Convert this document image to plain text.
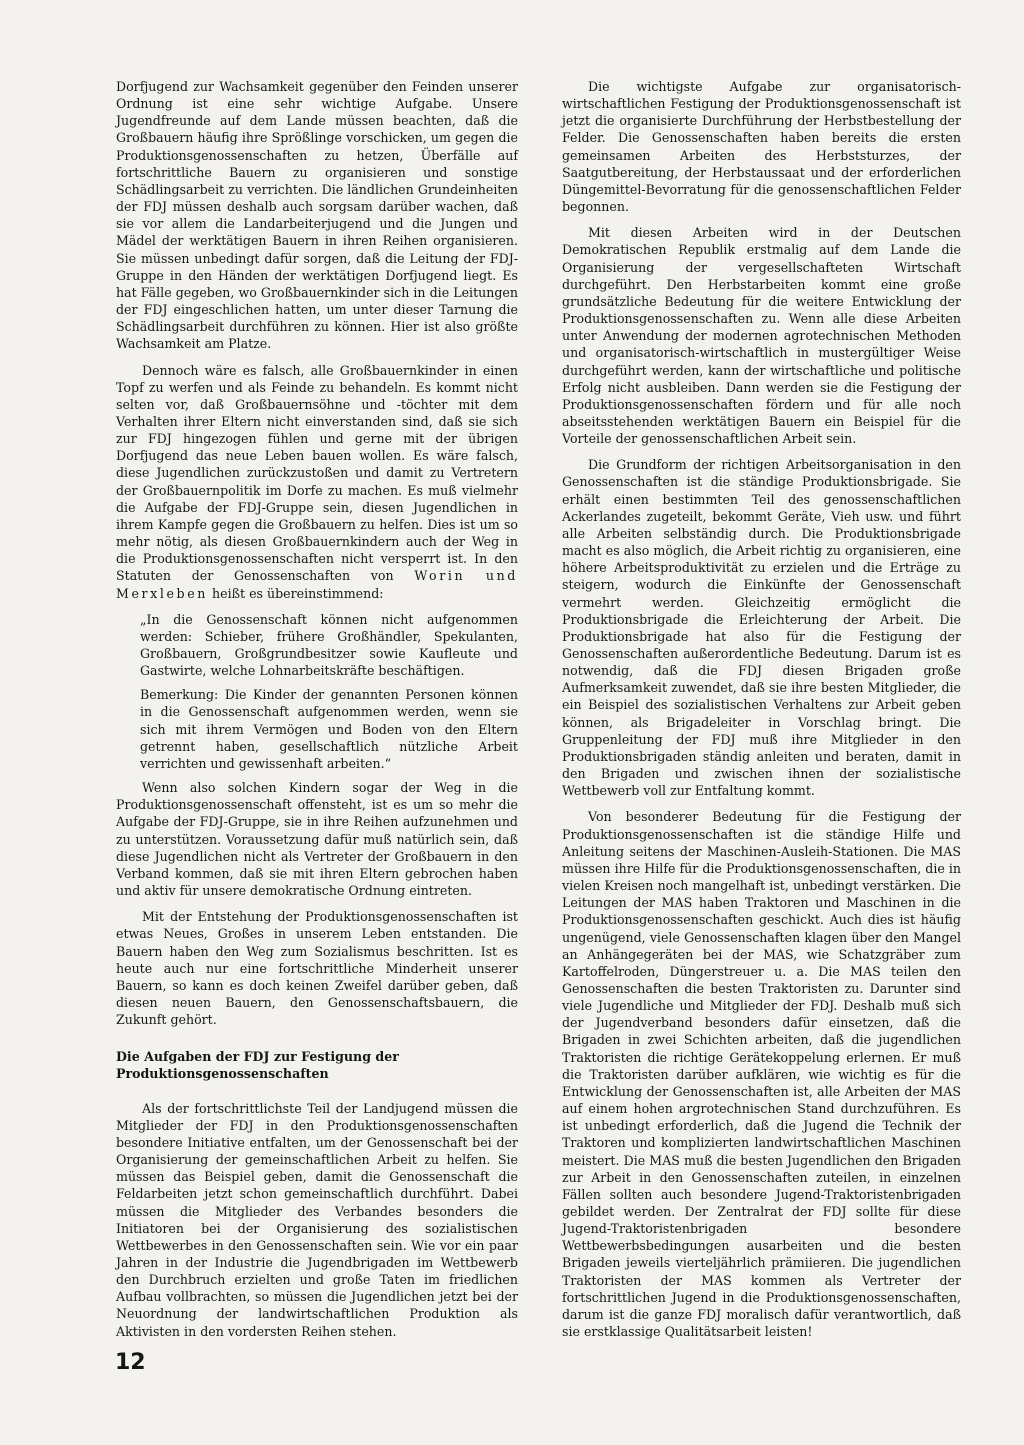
Dorfjugend zur Wachsamkeit gegenüber den Feinden unserer Ordnung ist eine sehr wichtige Aufgabe. Unsere Jugendfreunde auf dem Lande müssen beachten, daß die Großbauern häufig ihre Sprößlinge vorschicken, um gegen die Produktionsgenossenschaften zu hetzen, Überfälle auf fortschrittliche Bauern zu organisieren und sonstige Schädlingsarbeit zu verrichten. Die ländlichen Grundeinheiten der FDJ müssen deshalb auch sorgsam darüber wachen, daß sie vor allem die Landarbeiterjugend und die Jungen und Mädel der werktätigen Bauern in ihren Reihen organisieren. Sie müssen unbedingt dafür sorgen, daß die Leitung der FDJ-Gruppe in den Händen der werktätigen Dorfjugend liegt. Es hat Fälle gegeben, wo Großbauernkinder sich in die Leitungen der FDJ eingeschlichen hatten, um unter dieser Tarnung die Schädlingsarbeit durchführen zu können. Hier ist also größte Wachsamkeit am Platze.

Dennoch wäre es falsch, alle Großbauernkinder in einen Topf zu werfen und als Feinde zu behandeln. Es kommt nicht selten vor, daß Großbauernsöhne und -töchter mit dem Verhalten ihrer Eltern nicht einverstanden sind, daß sie sich zur FDJ hingezogen fühlen und gerne mit der übrigen Dorfjugend das neue Leben bauen wollen. Es wäre falsch, diese Jugendlichen zurückzustoßen und damit zu Vertretern der Großbauernpolitik im Dorfe zu machen. Es muß vielmehr die Aufgabe der FDJ-Gruppe sein, diesen Jugendlichen in ihrem Kampfe gegen die Großbauern zu helfen. Dies ist um so mehr nötig, als diesen Großbauernkindern auch der Weg in die Produktionsgenossenschaften nicht versperrt ist. In den Statuten der Genossenschaften von Worin und Merxleben heißt es übereinstimmend:

„In die Genossenschaft können nicht aufgenommen werden: Schieber, frühere Großhändler, Spekulanten, Großbauern, Großgrundbesitzer sowie Kaufleute und Gastwirte, welche Lohnarbeitskräfte beschäftigen.

Bemerkung: Die Kinder der genannten Personen können in die Genossenschaft aufgenommen werden, wenn sie sich mit ihrem Vermögen und Boden von den Eltern getrennt haben, gesellschaftlich nützliche Arbeit verrichten und gewissenhaft arbeiten.“

Wenn also solchen Kindern sogar der Weg in die Produktionsgenossenschaft offensteht, ist es um so mehr die Aufgabe der FDJ-Gruppe, sie in ihre Reihen aufzunehmen und zu unterstützen. Voraussetzung dafür muß natürlich sein, daß diese Jugendlichen nicht als Vertreter der Großbauern in den Verband kommen, daß sie mit ihren Eltern gebrochen haben und aktiv für unsere demokratische Ordnung eintreten.

Mit der Entstehung der Produktionsgenossenschaften ist etwas Neues, Großes in unserem Leben entstanden. Die Bauern haben den Weg zum Sozialismus beschritten. Ist es heute auch nur eine fortschrittliche Minderheit unserer Bauern, so kann es doch keinen Zweifel darüber geben, daß diesen neuen Bauern, den Genossenschaftsbauern, die Zukunft gehört.

Die Aufgaben der FDJ zur Festigung der Produktionsgenossenschaften

Als der fortschrittlichste Teil der Landjugend müssen die Mitglieder der FDJ in den Produktionsgenossenschaften besondere Initiative entfalten, um der Genossenschaft bei der Organisierung der gemeinschaftlichen Arbeit zu helfen. Sie müssen das Beispiel geben, damit die Genossenschaft die Feldarbeiten jetzt schon gemeinschaftlich durchführt. Dabei müssen die Mitglieder des Verbandes besonders die Initiatoren bei der Organisierung des sozialistischen Wettbewerbes in den Genossenschaften sein. Wie vor ein paar Jahren in der Industrie die Jugendbrigaden im Wettbewerb den Durchbruch erzielten und große Taten im friedlichen Aufbau vollbrachten, so müssen die Jugendlichen jetzt bei der Neuordnung der landwirtschaftlichen Produktion als Aktivisten in den vordersten Reihen stehen.

Die wichtigste Aufgabe zur organisatorisch-wirtschaftlichen Festigung der Produktionsgenossenschaft ist jetzt die organisierte Durchführung der Herbstbestellung der Felder. Die Genossenschaften haben bereits die ersten gemeinsamen Arbeiten des Herbststurzes, der Saatgutbereitung, der Herbstaussaat und der erforderlichen Düngemittel-Bevorratung für die genossenschaftlichen Felder begonnen.

Mit diesen Arbeiten wird in der Deutschen Demokratischen Republik erstmalig auf dem Lande die Organisierung der vergesellschafteten Wirtschaft durchgeführt. Den Herbstarbeiten kommt eine große grundsätzliche Bedeutung für die weitere Entwicklung der Produktionsgenossenschaften zu. Wenn alle diese Arbeiten unter Anwendung der modernen agrotechnischen Methoden und organisatorisch-wirtschaftlich in mustergültiger Weise durchgeführt werden, kann der wirtschaftliche und politische Erfolg nicht ausbleiben. Dann werden sie die Festigung der Produktionsgenossenschaften fördern und für alle noch abseitsstehenden werktätigen Bauern ein Beispiel für die Vorteile der genossenschaftlichen Arbeit sein.

Die Grundform der richtigen Arbeitsorganisation in den Genossenschaften ist die ständige Produktionsbrigade. Sie erhält einen bestimmten Teil des genossenschaftlichen Ackerlandes zugeteilt, bekommt Geräte, Vieh usw. und führt alle Arbeiten selbständig durch. Die Produktionsbrigade macht es also möglich, die Arbeit richtig zu organisieren, eine höhere Arbeitsproduktivität zu erzielen und die Erträge zu steigern, wodurch die Einkünfte der Genossenschaft vermehrt werden. Gleichzeitig ermöglicht die Produktionsbrigade die Erleichterung der Arbeit. Die Produktionsbrigade hat also für die Festigung der Genossenschaften außerordentliche Bedeutung. Darum ist es notwendig, daß die FDJ diesen Brigaden große Aufmerksamkeit zuwendet, daß sie ihre besten Mitglieder, die ein Beispiel des sozialistischen Verhaltens zur Arbeit geben können, als Brigadeleiter in Vorschlag bringt. Die Gruppenleitung der FDJ muß ihre Mitglieder in den Produktionsbrigaden ständig anleiten und beraten, damit in den Brigaden und zwischen ihnen der sozialistische Wettbewerb voll zur Entfaltung kommt.

Von besonderer Bedeutung für die Festigung der Produktionsgenossenschaften ist die ständige Hilfe und Anleitung seitens der Maschinen-Ausleih-Stationen. Die MAS müssen ihre Hilfe für die Produktionsgenossenschaften, die in vielen Kreisen noch mangelhaft ist, unbedingt verstärken. Die Leitungen der MAS haben Traktoren und Maschinen in die Produktionsgenossenschaften geschickt. Auch dies ist häufig ungenügend, viele Genossenschaften klagen über den Mangel an Anhängegeräten bei der MAS, wie Schatzgräber zum Kartoffelroden, Düngerstreuer u. a. Die MAS teilen den Genossenschaften die besten Traktoristen zu. Darunter sind viele Jugendliche und Mitglieder der FDJ. Deshalb muß sich der Jugendverband besonders dafür einsetzen, daß die Brigaden in zwei Schichten arbeiten, daß die jugendlichen Traktoristen die richtige Gerätekoppelung erlernen. Er muß die Traktoristen darüber aufklären, wie wichtig es für die Entwicklung der Genossenschaften ist, alle Arbeiten der MAS auf einem hohen argrotechnischen Stand durchzuführen. Es ist unbedingt erforderlich, daß die Jugend die Technik der Traktoren und komplizierten landwirtschaftlichen Maschinen meistert. Die MAS muß die besten Jugendlichen den Brigaden zur Arbeit in den Genossenschaften zuteilen, in einzelnen Fällen sollten auch besondere Jugend-Traktoristenbrigaden gebildet werden. Der Zentralrat der FDJ sollte für diese Jugend-Traktoristenbrigaden besondere Wettbewerbsbedingungen ausarbeiten und die besten Brigaden jeweils vierteljährlich prämiieren. Die jugendlichen Traktoristen der MAS kommen als Vertreter der fortschrittlichen Jugend in die Produktionsgenossenschaften, darum ist die ganze FDJ moralisch dafür verantwortlich, daß sie erstklassige Qualitätsarbeit leisten!

12
